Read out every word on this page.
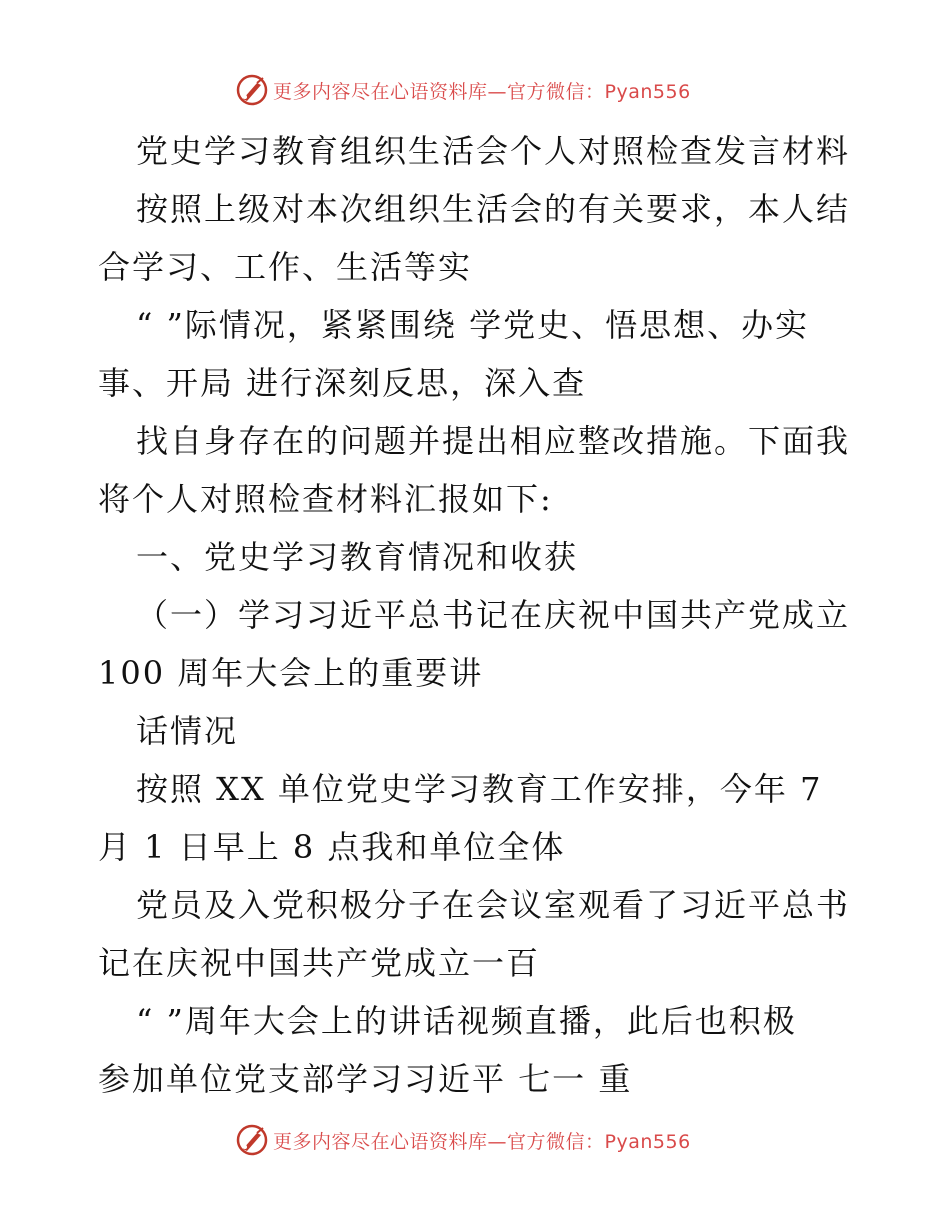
更多内容尽在心语资料库—官方微信：Pyan556

党史学习教育组织生活会个人对照检查发言材料

按照上级对本次组织生活会的有关要求，本人结

合学习、工作、生活等实

“ ”际情况，紧紧围绕 学党史、悟思想、办实

事、开局 进行深刻反思，深入查

找自身存在的问题并提出相应整改措施。下面我

将个人对照检查材料汇报如下:

一、党史学习教育情况和收获

（一）学习习近平总书记在庆祝中国共产党成立

100 周年大会上的重要讲

话情况

按照 XX 单位党史学习教育工作安排，今年 7

月 1 日早上 8 点我和单位全体

党员及入党积极分子在会议室观看了习近平总书

记在庆祝中国共产党成立一百

“ ”周年大会上的讲话视频直播，此后也积极

参加单位党支部学习习近平 七一 重

更多内容尽在心语资料库—官方微信：Pyan556
